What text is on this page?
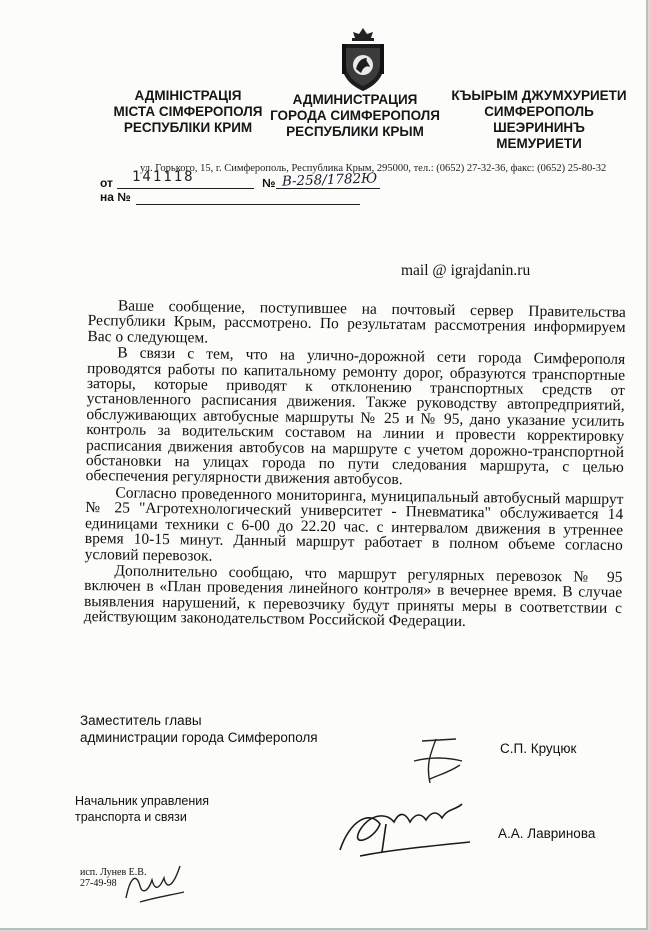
АДМІНІСТРАЦІЯ
МІСТА СІМФЕРОПОЛЯ
РЕСПУБЛІКИ КРИМ
АДМИНИСТРАЦИЯ
ГОРОДА СИМФЕРОПОЛЯ
РЕСПУБЛИКИ КРЫМ
КЪЫРЫМ ДЖУМХУРИЕТИ
СИМФЕРОПОЛЬ
ШЕЭРИНИНЪ
МЕМУРИЕТИ
ул. Горького, 15, г. Симферополь, Республика Крым, 295000, тел.: (0652) 27-32-36, факс: (0652) 25-80-32
от 141118	№ В-258/1782Ю
на №
mail @ igrajdanin.ru

Ваше сообщение, поступившее на почтовый сервер Правительства Республики Крым, рассмотрено. По результатам рассмотрения информируем Вас о следующем.

В связи с тем, что на улично-дорожной сети города Симферополя проводятся работы по капитальному ремонту дорог, образуются транспортные заторы, которые приводят к отклонению транспортных средств от установленного расписания движения. Также руководству автопредприятий, обслуживающих автобусные маршруты № 25 и № 95, дано указание усилить контроль за водительским составом на линии и провести корректировку расписания движения автобусов на маршруте с учетом дорожно-транспортной обстановки на улицах города по пути следования маршрута, с целью обеспечения регулярности движения автобусов.

Согласно проведенного мониторинга, муниципальный автобусный маршрут № 25 "Агротехнологический университет - Пневматика" обслуживается 14 единицами техники с 6-00 до 22.20 час. с интервалом движения в утреннее время 10-15 минут. Данный маршрут работает в полном объеме согласно условий перевозок.

Дополнительно сообщаю, что маршрут регулярных перевозок № 95 включен в «План проведения линейного контроля» в вечернее время. В случае выявления нарушений, к перевозчику будут приняты меры в соответствии с действующим законодательством Российской Федерации.

Заместитель главы
администрации города Симферополя
С.П. Круцюк
Начальник управления
транспорта и связи
А.А. Лавринова
исп. Лунев Е.В.
27-49-98
